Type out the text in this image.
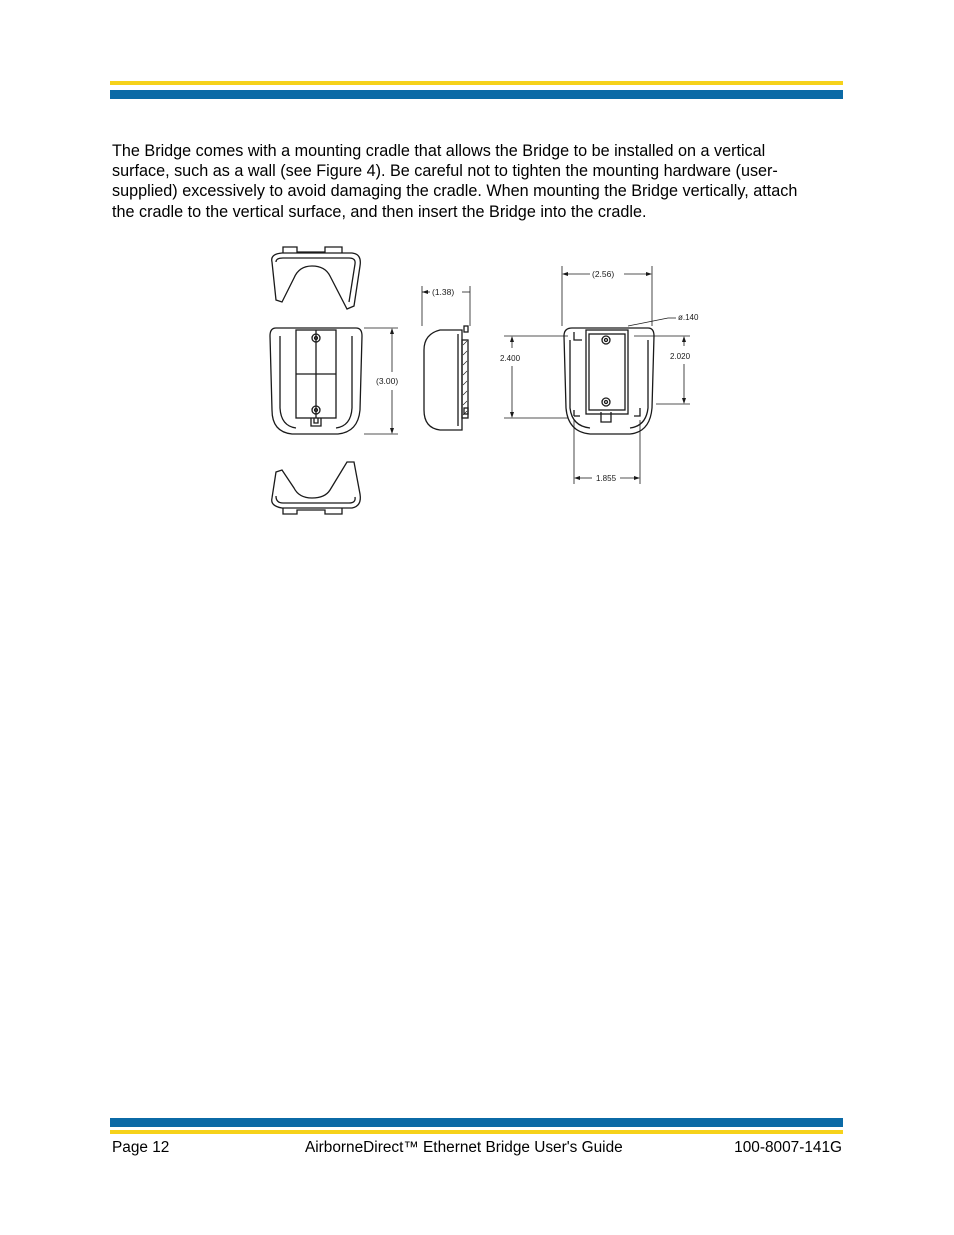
The Bridge comes with a mounting cradle that allows the Bridge to be installed on a vertical
surface, such as a wall (see Figure 4). Be careful not to tighten the mounting hardware (user-
supplied) excessively to avoid damaging the cradle. When mounting the Bridge vertically, attach
the cradle to the vertical surface, and then insert the Bridge into the cradle.
(3.00)
(1.38)
(2.56)
ø.140
2.400	2.020
1.855
Page 12	AirborneDirect™ Ethernet Bridge User's Guide	100-8007-141G
